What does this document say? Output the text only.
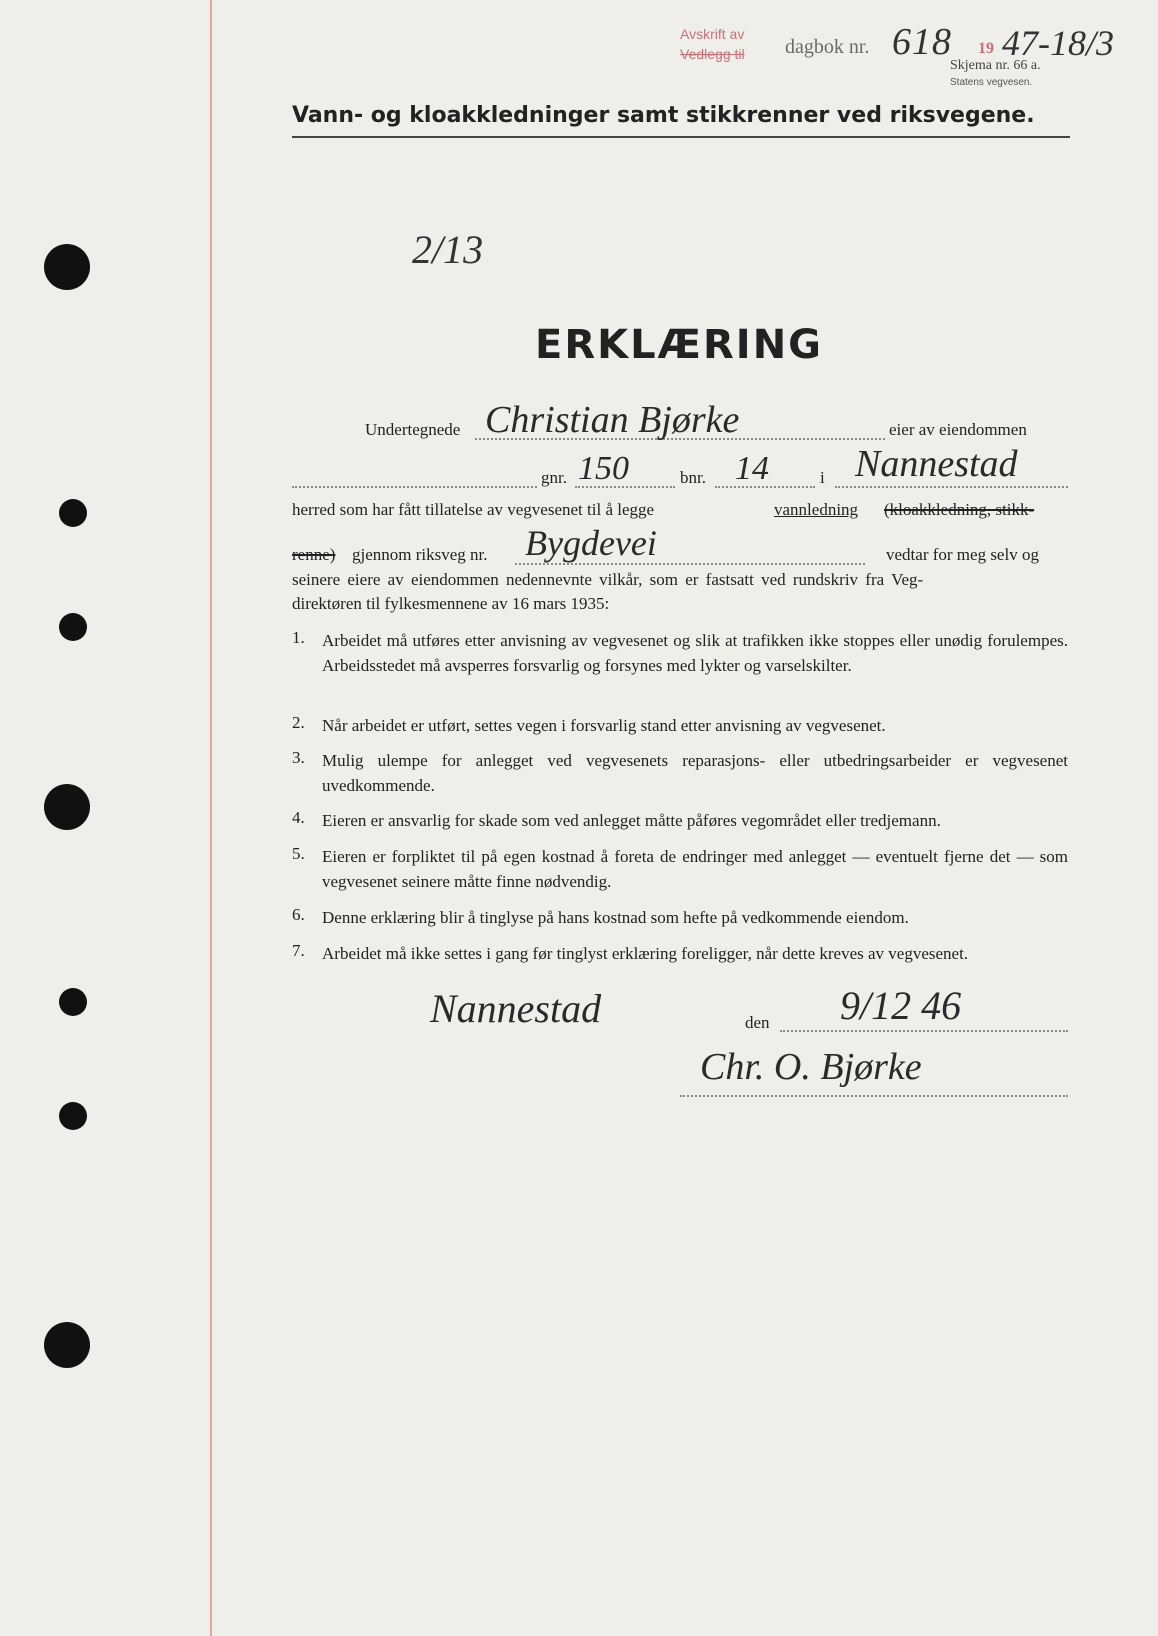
Avskrift av
Vedlegg til dagbok nr. 618 19 47-18/3
Skjema nr. 66 a.
Statens vegvesen.
Vann- og kloakkledninger samt stikkrenner ved riksvegene.
2/13
ERKLÆRING
Undertegnede Christian Bjørke	eier av eiendommen
gnr. 150	bnr. 14	i Nannestad
herred som har fått tillatelse av vegvesenet til å legge	vannledning (kloakkledning, stikk-
renne) gjennom riksveg nr. Bygdevei	vedtar for meg selv og
seinere eiere av eiendommen nedennevnte vilkår, som er fastsatt ved rundskriv fra Veg-
direktøren til fylkesmennene av 16 mars 1935:
1. Arbeidet må utføres etter anvisning av vegvesenet og slik at trafikken ikke stoppes eller unødig forulempes. Arbeidsstedet må avsperres forsvarlig og forsynes med lykter og varselskilter.
2. Når arbeidet er utført, settes vegen i forsvarlig stand etter anvisning av vegvesenet.
3. Mulig ulempe for anlegget ved vegvesenets reparasjons- eller utbedringsarbeider er vegvesenet uvedkommende.
4. Eieren er ansvarlig for skade som ved anlegget måtte påføres vegområdet eller tredjemann.
5. Eieren er forpliktet til på egen kostnad å foreta de endringer med anlegget — eventuelt fjerne det — som vegvesenet seinere måtte finne nødvendig.
6. Denne erklæring blir å tinglyse på hans kostnad som hefte på vedkommende eiendom.
7. Arbeidet må ikke settes i gang før tinglyst erklæring foreligger, når dette kreves av vegvesenet.
Nannestad	den 9/12 46
Chr. O. Bjørke
